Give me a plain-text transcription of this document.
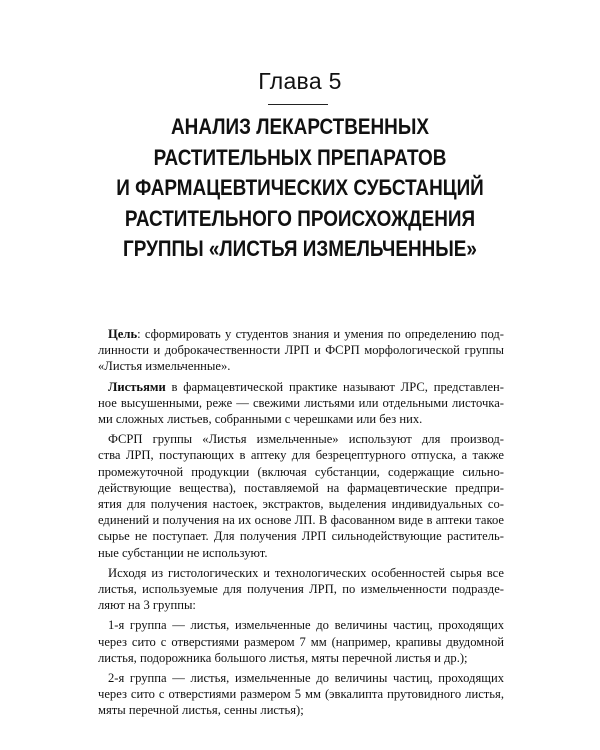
Глава 5
АНАЛИЗ ЛЕКАРСТВЕННЫХ
РАСТИТЕЛЬНЫХ ПРЕПАРАТОВ
И ФАРМАЦЕВТИЧЕСКИХ СУБСТАНЦИЙ
РАСТИТЕЛЬНОГО ПРОИСХОЖДЕНИЯ
ГРУППЫ «ЛИСТЬЯ ИЗМЕЛЬЧЕННЫЕ»
Цель: сформировать у студентов знания и умения по определению под-
линности и доброкачественности ЛРП и ФСРП морфологической группы
«Листья измельченные».
Листьями в фармацевтической практике называют ЛРС, представлен-
ное высушенными, реже — свежими листьями или отдельными листочка-
ми сложных листьев, собранными с черешками или без них.
ФСРП группы «Листья измельченные» используют для производ-
ства ЛРП, поступающих в аптеку для безрецептурного отпуска, а также
промежуточной продукции (включая субстанции, содержащие сильно-
действующие вещества), поставляемой на фармацевтические предпри-
ятия для получения настоек, экстрактов, выделения индивидуальных со-
единений и получения на их основе ЛП. В фасованном виде в аптеки такое
сырье не поступает. Для получения ЛРП сильнодействующие раститель-
ные субстанции не используют.
Исходя из гистологических и технологических особенностей сырья все
листья, используемые для получения ЛРП, по измельченности подразде-
ляют на 3 группы:
1-я группа — листья, измельченные до величины частиц, проходящих
через сито с отверстиями размером 7 мм (например, крапивы двудомной
листья, подорожника большого листья, мяты перечной листья и др.);
2-я группа — листья, измельченные до величины частиц, проходящих
через сито с отверстиями размером 5 мм (эвкалипта прутовидного листья,
мяты перечной листья, сенны листья);
